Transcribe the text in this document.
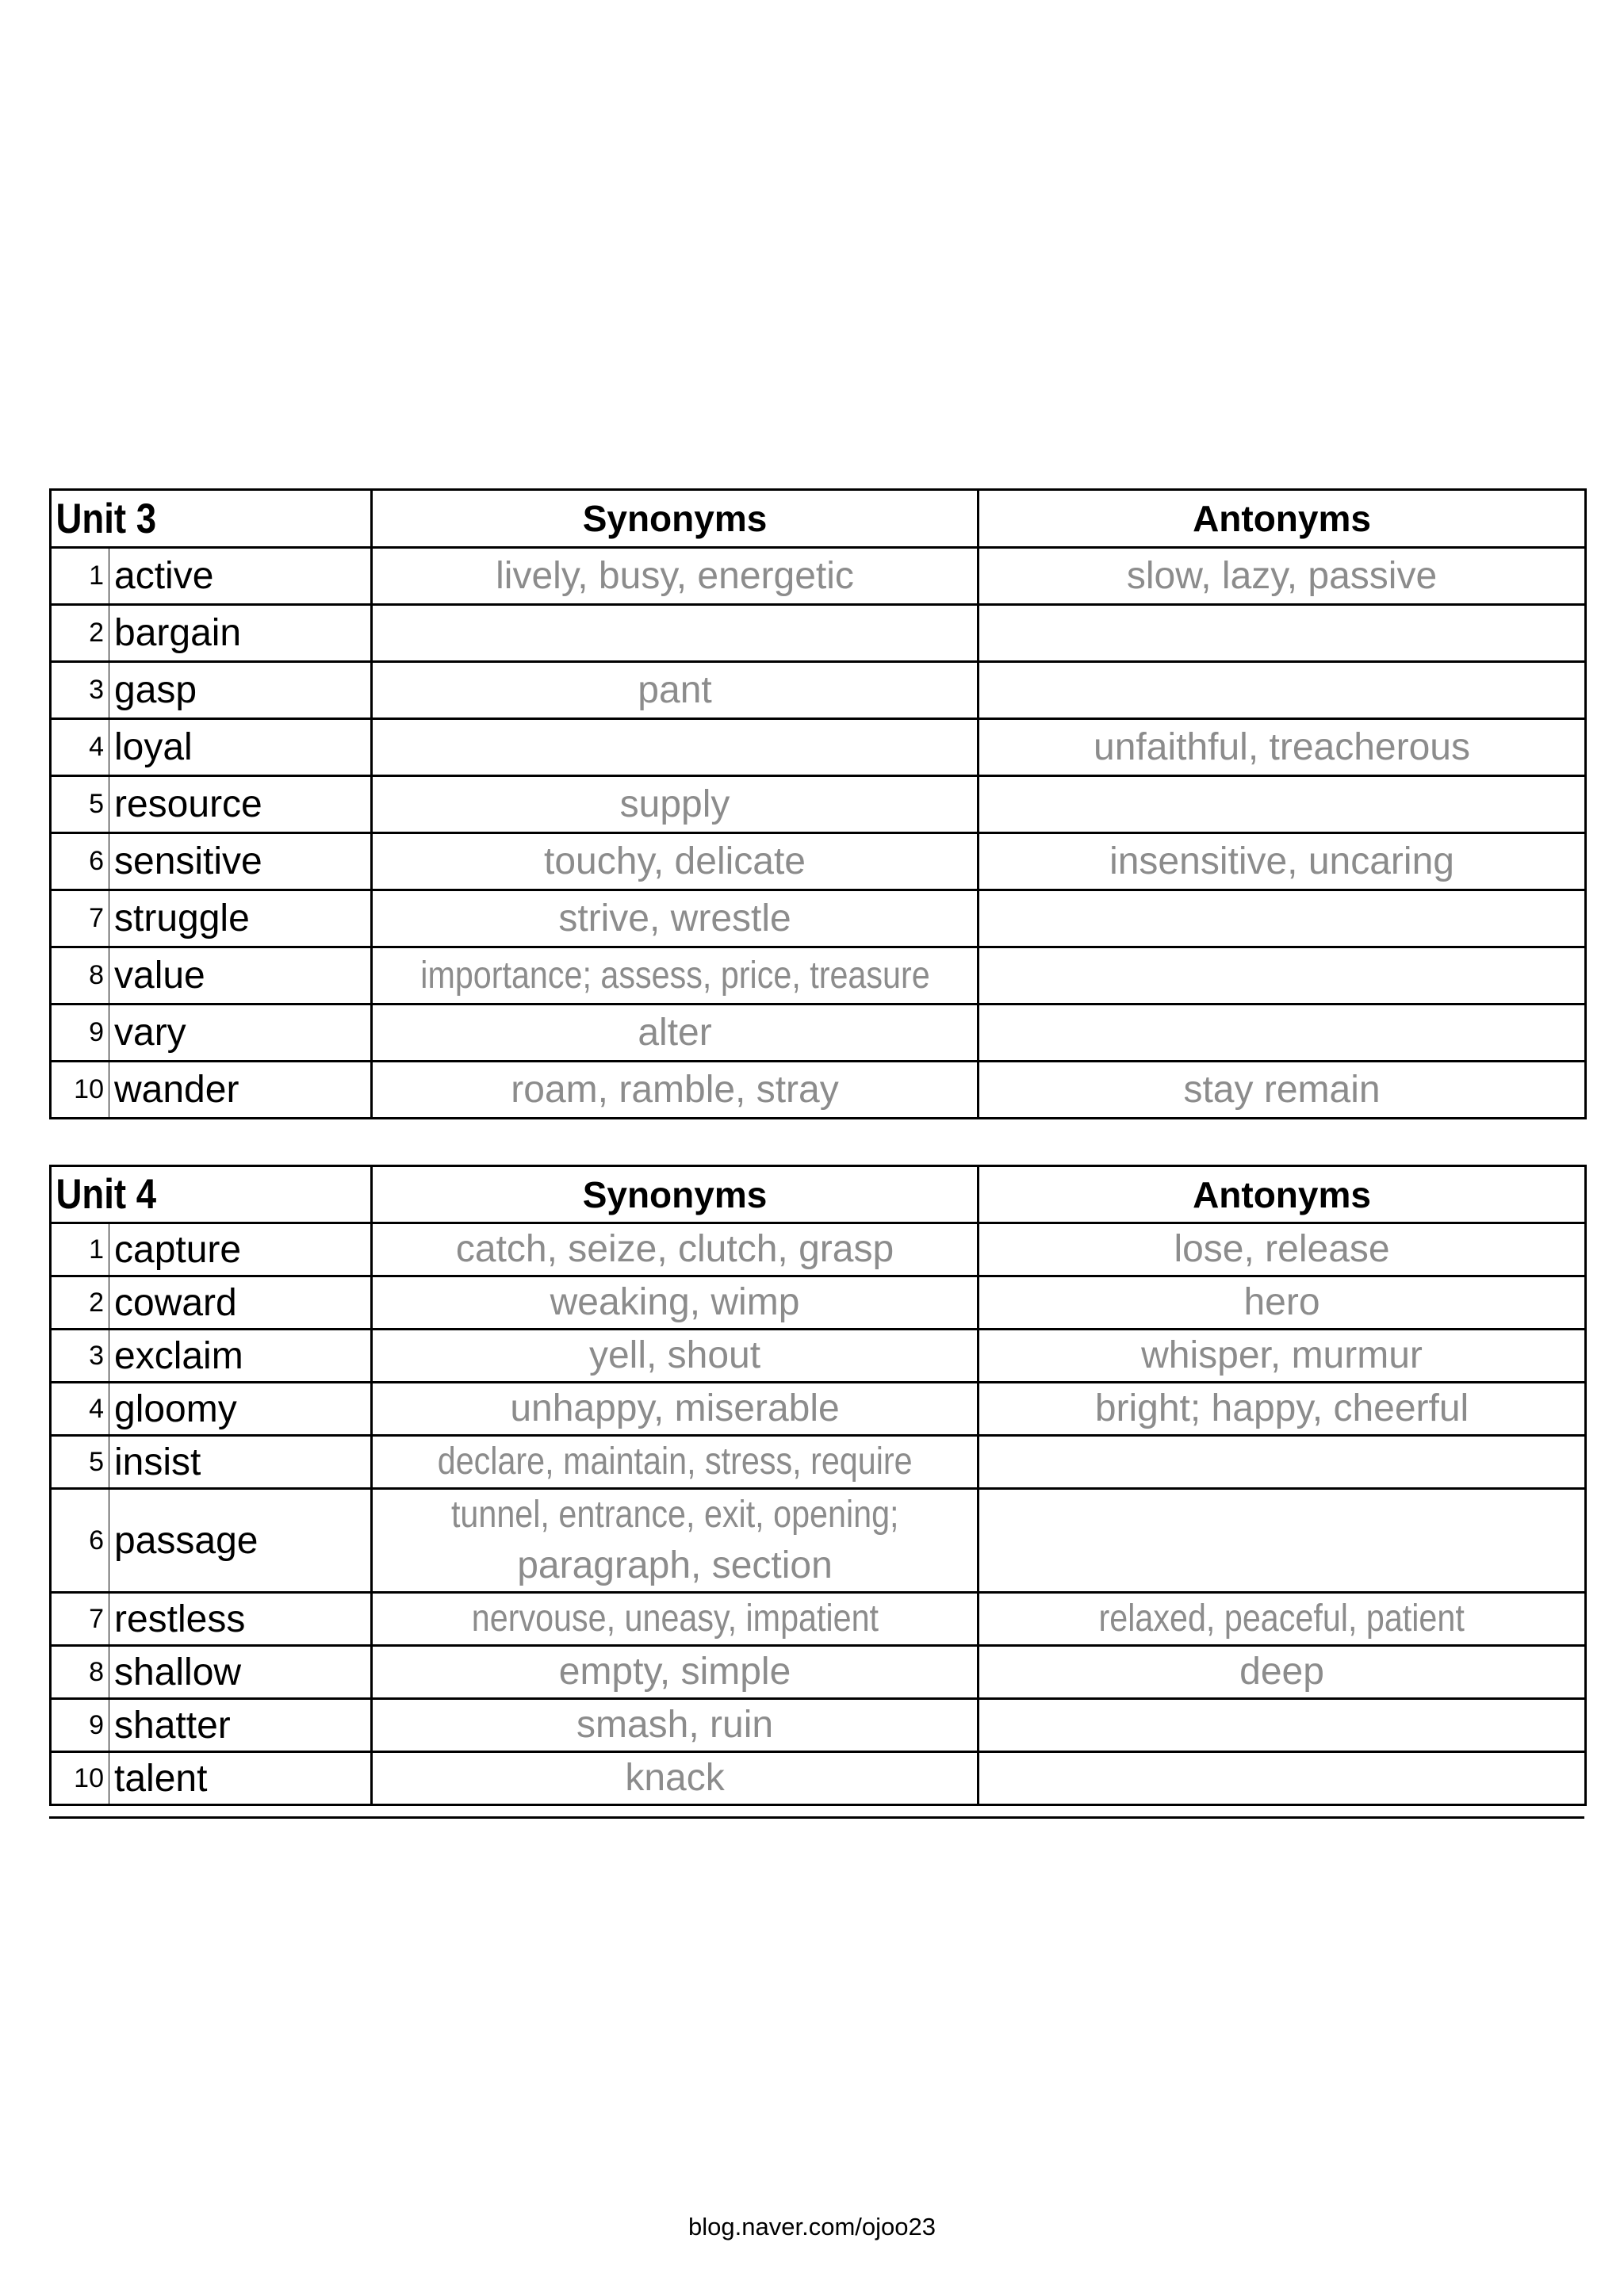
Unit 3		Synonyms	Antonyms
1	active	lively, busy, energetic	slow, lazy, passive
2	bargain		
3	gasp	pant	
4	loyal		unfaithful, treacherous
5	resource	supply	
6	sensitive	touchy, delicate	insensitive, uncaring
7	struggle	strive, wrestle	
8	value	importance; assess, price, treasure	
9	vary	alter	
10	wander	roam, ramble, stray	stay remain
Unit 4		Synonyms	Antonyms
1	capture	catch, seize, clutch, grasp	lose, release
2	coward	weaking, wimp	hero
3	exclaim	yell, shout	whisper, murmur
4	gloomy	unhappy, miserable	bright; happy, cheerful
5	insist	declare, maintain, stress, require	
6	passage	tunnel, entrance, exit, opening;
paragraph, section	

7	restless	nervouse, uneasy, impatient	relaxed, peaceful, patient
8	shallow	empty, simple	deep
9	shatter	smash, ruin	
10	talent	knack	
blog.naver.com/ojoo23
